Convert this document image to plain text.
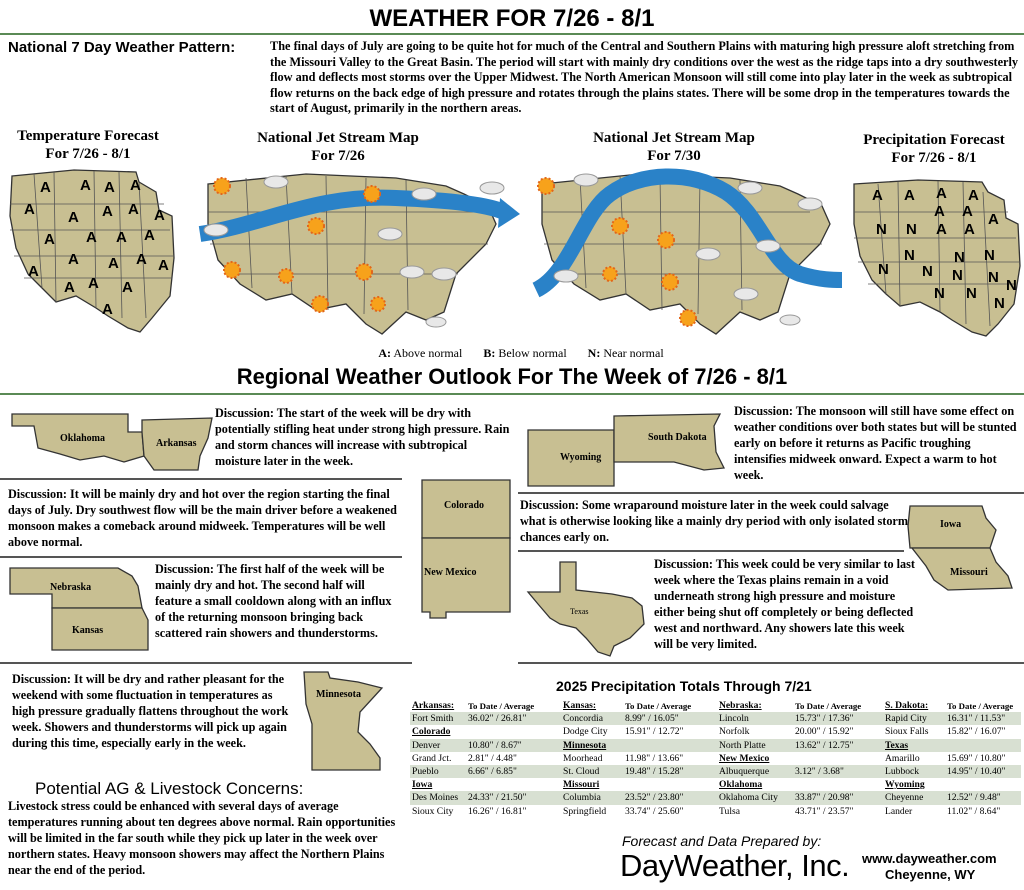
WEATHER FOR 7/26 - 8/1
National 7 Day Weather Pattern:	The final days of July are going to be quite hot for much of the Central and Southern Plains with maturing high pressure aloft stretching from the Missouri Valley to the Great Basin. The period will start with mainly dry conditions over the west as the ridge taps into a dry southwesterly flow and deflects most storms over the Upper Midwest. The North American Monsoon will still come into play later in the week as subtropical flow returns on the back edge of high pressure and rotates through the plains states. There will be some drop in the temperatures towards the start of August, primarily in the northern areas.
Temperature Forecast
For 7/26 - 8/1
National Jet Stream Map
For 7/26
National Jet Stream Map
For 7/30
Precipitation Forecast
For 7/26 - 8/1
A A A A
A A A A A
A A A A
A A A A
A
A A
A
A
A A A A
A A
A
A
N N	A
N	N N
N N N N
N
N N
N
A: Above normal B: Below normal N: Near normal
Regional Weather Outlook For The Week of 7/26 - 8/1
Oklahoma	Arkansas
Discussion: The start of the week will be dry with potentially stifling heat under strong high pressure. Rain and storm chances will increase with subtropical moisture later in the week.
Discussion: It will be mainly dry and hot over the region starting the final days of July. Dry southwest flow will be the main driver before a weakened monsoon makes a comeback around midweek. Temperatures will be well above normal.
Colorado
New Mexico
Nebraska
Kansas
Discussion: The first half of the week will be mainly dry and hot. The second half will feature a small cooldown along with an influx of the returning monsoon bringing back scattered rain showers and thunderstorms.
Discussion: It will be dry and rather pleasant for the weekend with some fluctuation in temperatures as high pressure gradually flattens throughout the work week. Showers and thunderstorms will pick up again during this time, especially early in the week.
Minnesota
Potential AG & Livestock Concerns:
Livestock stress could be enhanced with several days of average temperatures running about ten degrees above normal. Rain opportunities will be limited in the far south while they pick up later in the week over northern states. Heavy monsoon showers may affect the Northern Plains near the end of the period.
Wyoming
South Dakota
Discussion: The monsoon will still have some effect on weather conditions over both states but will be stunted early on before it returns as Pacific troughing intensifies midweek onward. Expect a warm to hot week.
Discussion: Some wraparound moisture later in the week could salvage what is otherwise looking like a mainly dry period with only isolated storm chances early on.
Iowa
Missouri
Texas
Discussion: This week could be very similar to last week where the Texas plains remain in a void underneath strong high pressure and moisture either being shut off completely or being deflected west and northward. Any showers late this week will be very limited.
2025 Precipitation Totals Through 7/21
Arkansas:	To Date / Average	Kansas:	To Date / Average	Nebraska:	To Date / Average	S. Dakota:	To Date / Average
Fort Smith	36.02" / 26.81"	Concordia	8.99" / 16.05"	Lincoln	15.73" / 17.36"	Rapid City	16.31" / 11.53"
Colorado		Dodge City	15.91" / 12.72"	Norfolk	20.00" / 15.92"	Sioux Falls	15.82" / 16.07"
Denver	10.80" / 8.67"	Minnesota		North Platte	13.62" / 12.75"	Texas	
Grand Jct.	2.81" / 4.48"	Moorhead	11.98" / 13.66"	New Mexico		Amarillo	15.69" / 10.80"
Pueblo	6.66" / 6.85"	St. Cloud	19.48" / 15.28"	Albuquerque	3.12" / 3.68"	Lubbock	14.95" / 10.40"
Iowa		Missouri		Oklahoma		Wyoming	
Des Moines	24.33" / 21.50"	Columbia	23.52" / 23.80"	Oklahoma City	33.87" / 20.98"	Cheyenne	12.52" / 9.48"
Sioux City	16.26" / 16.81"	Springfield	33.74" / 25.60"	Tulsa	43.71" / 23.57"	Lander	11.02" / 8.64"
Forecast and Data Prepared by:
DayWeather, Inc. www.dayweather.com
Cheyenne, WY
